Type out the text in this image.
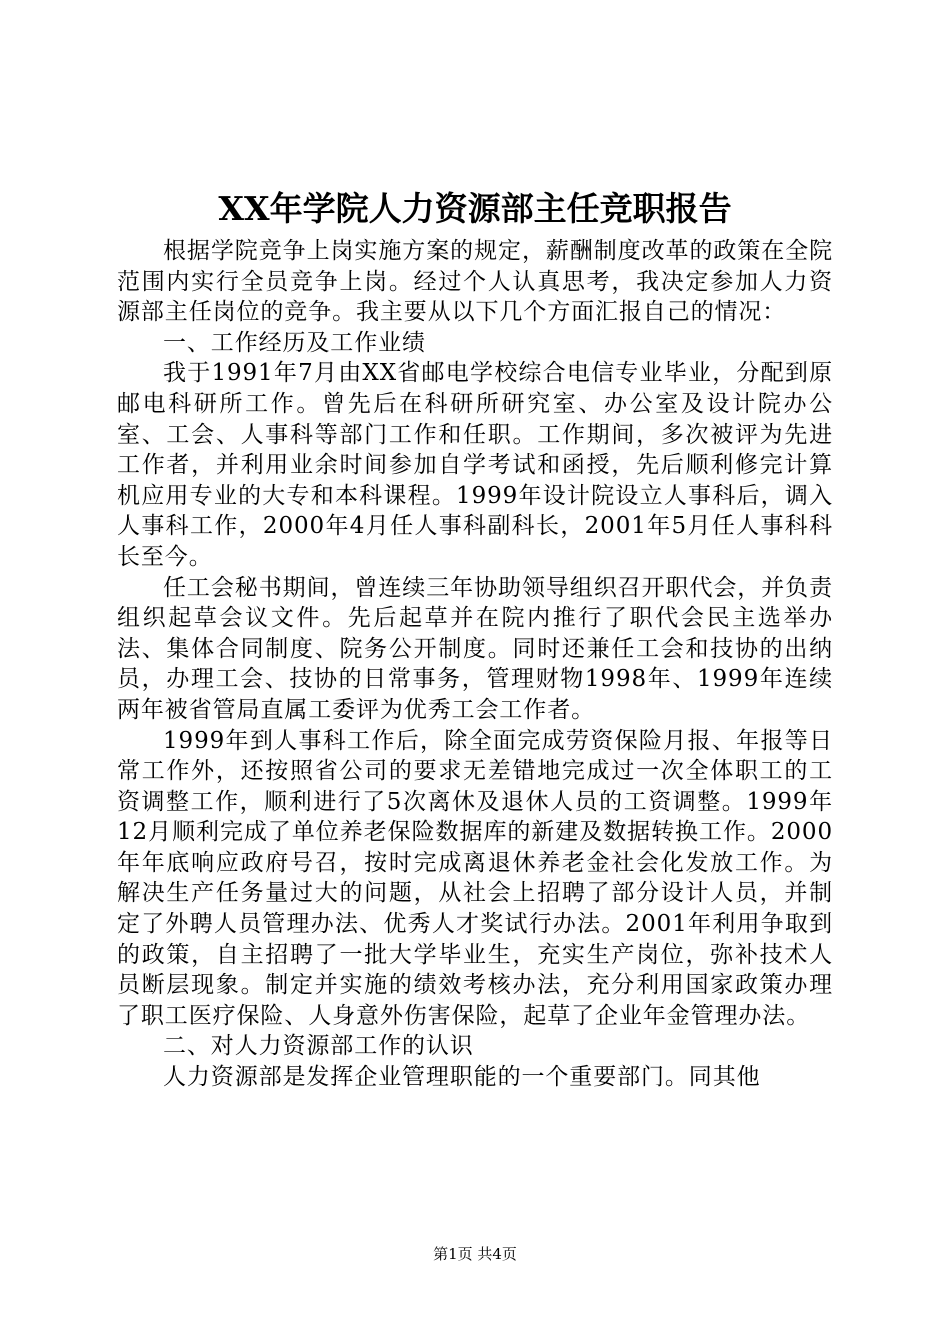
XX年学院人力资源部主任竞职报告

根据学院竞争上岗实施方案的规定，薪酬制度改革的政策在全院范围内实行全员竞争上岗。经过个人认真思考，我决定参加人力资源部主任岗位的竞争。我主要从以下几个方面汇报自己的情况：

一、工作经历及工作业绩

我于1991年7月由XX省邮电学校综合电信专业毕业，分配到原邮电科研所工作。曾先后在科研所研究室、办公室及设计院办公室、工会、人事科等部门工作和任职。工作期间，多次被评为先进工作者，并利用业余时间参加自学考试和函授，先后顺利修完计算机应用专业的大专和本科课程。1999年设计院设立人事科后，调入人事科工作，2000年4月任人事科副科长，2001年5月任人事科科长至今。

任工会秘书期间，曾连续三年协助领导组织召开职代会，并负责组织起草会议文件。先后起草并在院内推行了职代会民主选举办法、集体合同制度、院务公开制度。同时还兼任工会和技协的出纳员，办理工会、技协的日常事务，管理财物1998年、1999年连续两年被省管局直属工委评为优秀工会工作者。

1999年到人事科工作后，除全面完成劳资保险月报、年报等日常工作外，还按照省公司的要求无差错地完成过一次全体职工的工资调整工作，顺利进行了5次离休及退休人员的工资调整。1999年12月顺利完成了单位养老保险数据库的新建及数据转换工作。2000年年底响应政府号召，按时完成离退休养老金社会化发放工作。为解决生产任务量过大的问题，从社会上招聘了部分设计人员，并制定了外聘人员管理办法、优秀人才奖试行办法。2001年利用争取到的政策，自主招聘了一批大学毕业生，充实生产岗位，弥补技术人员断层现象。制定并实施的绩效考核办法，充分利用国家政策办理了职工医疗保险、人身意外伤害保险，起草了企业年金管理办法。

二、对人力资源部工作的认识

人力资源部是发挥企业管理职能的一个重要部门。同其他

第1页 共4页
